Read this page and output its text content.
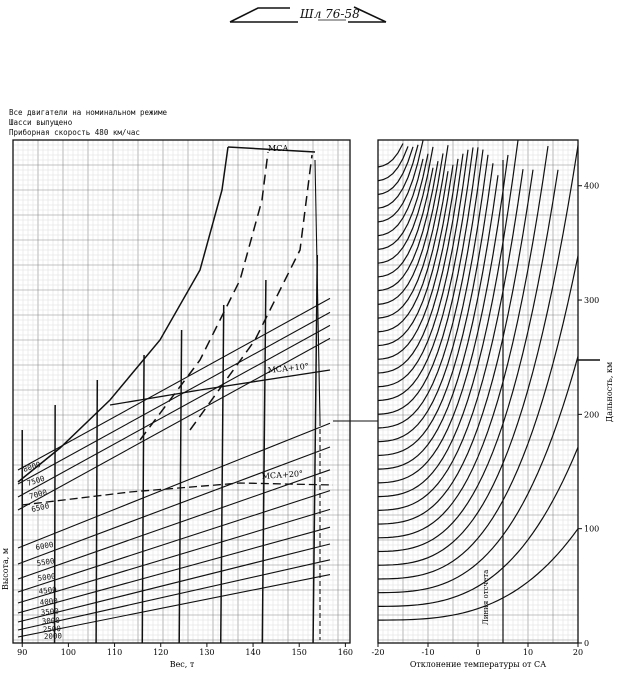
Шл 76-58
Все двигатели на номинальном режиме
Шасси выпущено
Приборная скорость 480 км/час
МСА
МСА+10°
МСА+20°
8000
7500
7000
6500
6000
5500
5000
4500
4000
3500
3000
2500
2000
Высота, м
Вес, т	Отклонение температуры от СА
Дальность, км
Линия отсчета
90	100	110	120	130	140	150	160 -20	-10	0	10	20
0
100
200
300
400
